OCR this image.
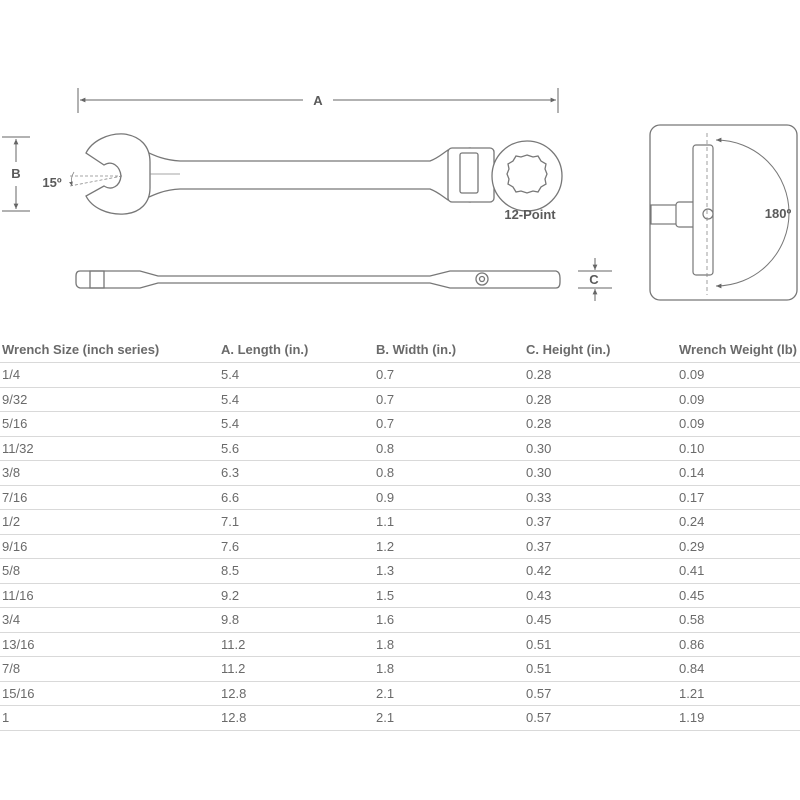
A
B
15º
12-Point
C
180º
Wrench Size (inch series)	A. Length (in.)	B. Width (in.)	C. Height (in.)	Wrench Weight (lb)
1/4	5.4	0.7	0.28	0.09
9/32	5.4	0.7	0.28	0.09
5/16	5.4	0.7	0.28	0.09
11/32	5.6	0.8	0.30	0.10
3/8	6.3	0.8	0.30	0.14
7/16	6.6	0.9	0.33	0.17
1/2	7.1	1.1	0.37	0.24
9/16	7.6	1.2	0.37	0.29
5/8	8.5	1.3	0.42	0.41
11/16	9.2	1.5	0.43	0.45
3/4	9.8	1.6	0.45	0.58
13/16	11.2	1.8	0.51	0.86
7/8	11.2	1.8	0.51	0.84
15/16	12.8	2.1	0.57	1.21
1	12.8	2.1	0.57	1.19
